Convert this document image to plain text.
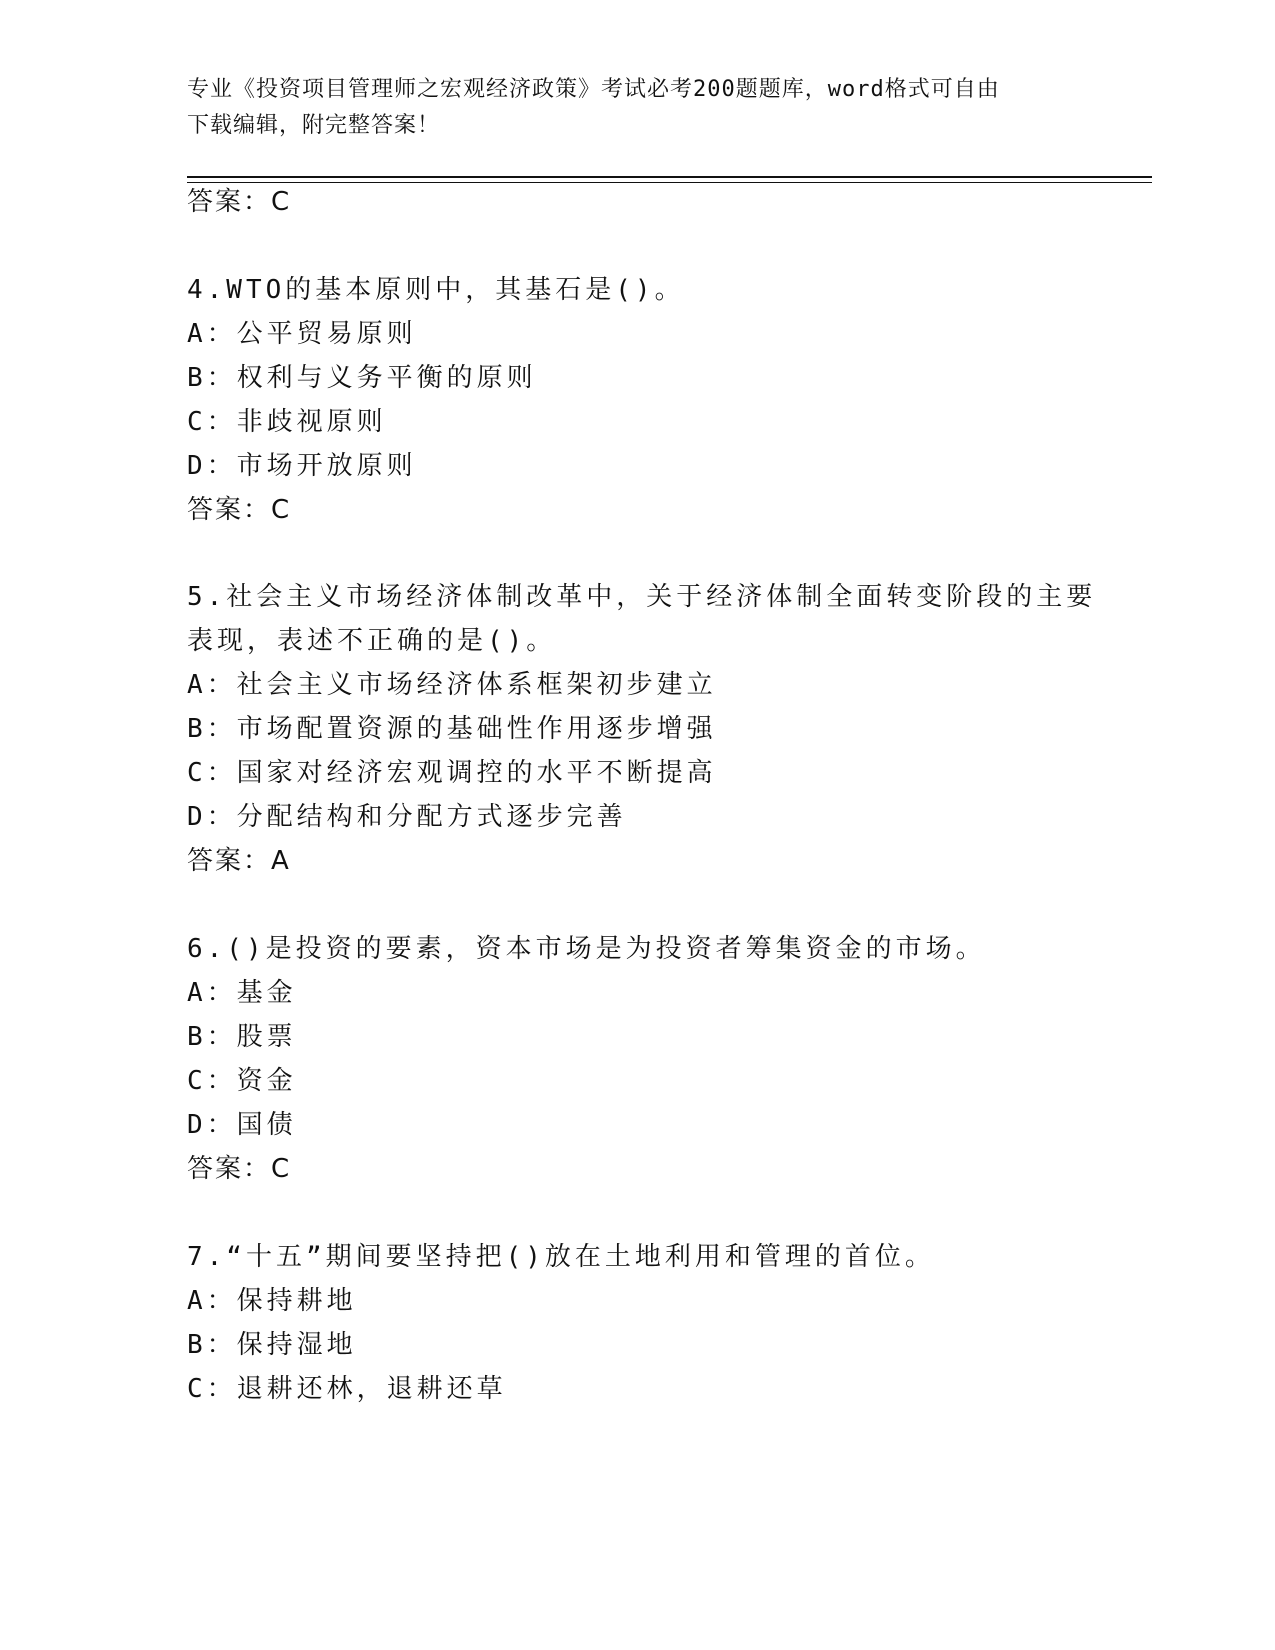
专业《投资项目管理师之宏观经济政策》考试必考200题题库，word格式可自由
下载编辑，附完整答案！
答案：C
4.WTO的基本原则中，其基石是()。
A：公平贸易原则
B：权利与义务平衡的原则
C：非歧视原则
D：市场开放原则
答案：C
5.社会主义市场经济体制改革中，关于经济体制全面转变阶段的主要
表现，表述不正确的是()。
A：社会主义市场经济体系框架初步建立
B：市场配置资源的基础性作用逐步增强
C：国家对经济宏观调控的水平不断提高
D：分配结构和分配方式逐步完善
答案：A
6.()是投资的要素，资本市场是为投资者筹集资金的市场。
A：基金
B：股票
C：资金
D：国债
答案：C
7.“十五”期间要坚持把()放在土地利用和管理的首位。
A：保持耕地
B：保持湿地
C：退耕还林，退耕还草
